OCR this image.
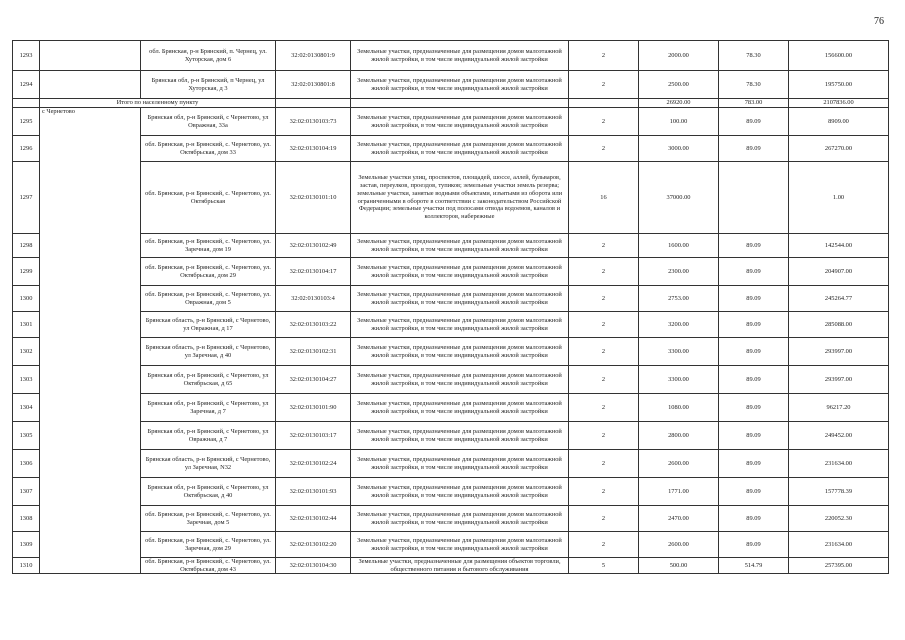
76
1293		обл. Брянская, р-н Брянский, п. Чернец, ул. Хуторская, дом 6	32:02:0130801:9	Земельные участки, предназначенные для размещения домов малоэтажной жилой застройки, в том числе индивидуальной жилой застройки	2	2000.00	78.30	156600.00
1294		Брянская обл, р-н Брянский, п Чернец, ул Хуторская, д 3	32:02:0130801:8	Земельные участки, предназначенные для размещения домов малоэтажной жилой застройки, в том числе индивидуальной жилой застройки	2	2500.00	78.30	195750.00
	Итого по населенному пункту					26920.00	783.00	2107836.00
1295	с Чернетово	Брянская обл, р-н Брянский, с Чернетово, ул Овражная, 33а	32:02:0130103:73	Земельные участки, предназначенные для размещения домов малоэтажной жилой застройки, в том числе индивидуальной жилой застройки	2	100.00	89.09	8909.00
1296		обл. Брянская, р-н Брянский, с. Чернетово, ул. Октябрьская, дом 33	32:02:0130104:19	Земельные участки, предназначенные для размещения домов малоэтажной жилой застройки, в том числе индивидуальной жилой застройки	2	3000.00	89.09	267270.00
1297		обл. Брянская, р-н Брянский, с. Чернетово, ул. Октябрьская	32:02:0130101:10	Земельные участки улиц, проспектов, площадей, шоссе, аллей, бульваров, застав, переулков, проездов, тупиков; земельные участки земель резерва; земельные участки, занятые водными объектами, изъятыми из оборота или ограниченными в обороте в соответствии с законодательством Российской Федерации; земельные участки под полосами отвода водоемов, каналов и коллекторов, набережные	16	37000.00		1.00
1298		обл. Брянская, р-н Брянский, с. Чернетово, ул. Заречная, дом 19	32:02:0130102:49	Земельные участки, предназначенные для размещения домов малоэтажной жилой застройки, в том числе индивидуальной жилой застройки	2	1600.00	89.09	142544.00
1299		обл. Брянская, р-н Брянский, с. Чернетово, ул. Октябрьская, дом 29	32:02:0130104:17	Земельные участки, предназначенные для размещения домов малоэтажной жилой застройки, в том числе индивидуальной жилой застройки	2	2300.00	89.09	204907.00
1300		обл. Брянская, р-н Брянский, с. Чернетово, ул. Овражная, дом 5	32:02:0130103:4	Земельные участки, предназначенные для размещения домов малоэтажной жилой застройки, в том числе индивидуальной жилой застройки	2	2753.00	89.09	245264.77
1301		Брянская область, р-н Брянский, с Чернетово, ул Овражная, д 17	32:02:0130103:22	Земельные участки, предназначенные для размещения домов малоэтажной жилой застройки, в том числе индивидуальной жилой застройки	2	3200.00	89.09	285088.00
1302		Брянская область, р-н Брянский, с Чернетово, ул Заречная, д 40	32:02:0130102:31	Земельные участки, предназначенные для размещения домов малоэтажной жилой застройки, в том числе индивидуальной жилой застройки	2	3300.00	89.09	293997.00
1303		Брянская обл, р-н Брянский, с Чернетово, ул Октябрьская, д 65	32:02:0130104:27	Земельные участки, предназначенные для размещения домов малоэтажной жилой застройки, в том числе индивидуальной жилой застройки	2	3300.00	89.09	293997.00
1304		Брянская обл, р-н Брянский, с Чернетово, ул Заречная, д 7	32:02:0130101:90	Земельные участки, предназначенные для размещения домов малоэтажной жилой застройки, в том числе индивидуальной жилой застройки	2	1080.00	89.09	96217.20
1305		Брянская обл, р-н Брянский, с Чернетово, ул Овражная, д 7	32:02:0130103:17	Земельные участки, предназначенные для размещения домов малоэтажной жилой застройки, в том числе индивидуальной жилой застройки	2	2800.00	89.09	249452.00
1306		Брянская область, р-н Брянский, с Чернетово, ул Заречная, N32	32:02:0130102:24	Земельные участки, предназначенные для размещения домов малоэтажной жилой застройки, в том числе индивидуальной жилой застройки	2	2600.00	89.09	231634.00
1307		Брянская обл, р-н Брянский, с Чернетово, ул Октябрьская, д 40	32:02:0130101:93	Земельные участки, предназначенные для размещения домов малоэтажной жилой застройки, в том числе индивидуальной жилой застройки	2	1771.00	89.09	157778.39
1308		обл. Брянская, р-н Брянский, с. Чернетово, ул. Заречная, дом 5	32:02:0130102:44	Земельные участки, предназначенные для размещения домов малоэтажной жилой застройки, в том числе индивидуальной жилой застройки	2	2470.00	89.09	220052.30
1309		обл. Брянская, р-н Брянский, с. Чернетово, ул. Заречная, дом 29	32:02:0130102:20	Земельные участки, предназначенные для размещения домов малоэтажной жилой застройки, в том числе индивидуальной жилой застройки	2	2600.00	89.09	231634.00
1310		обл. Брянская, р-н Брянский, с. Чернетово, ул. Октябрьская, дом 43	32:02:0130104:30	Земельные участки, предназначенные для размещения объектов торговли, общественного питания и бытового обслуживания	5	500.00	514.79	257395.00
